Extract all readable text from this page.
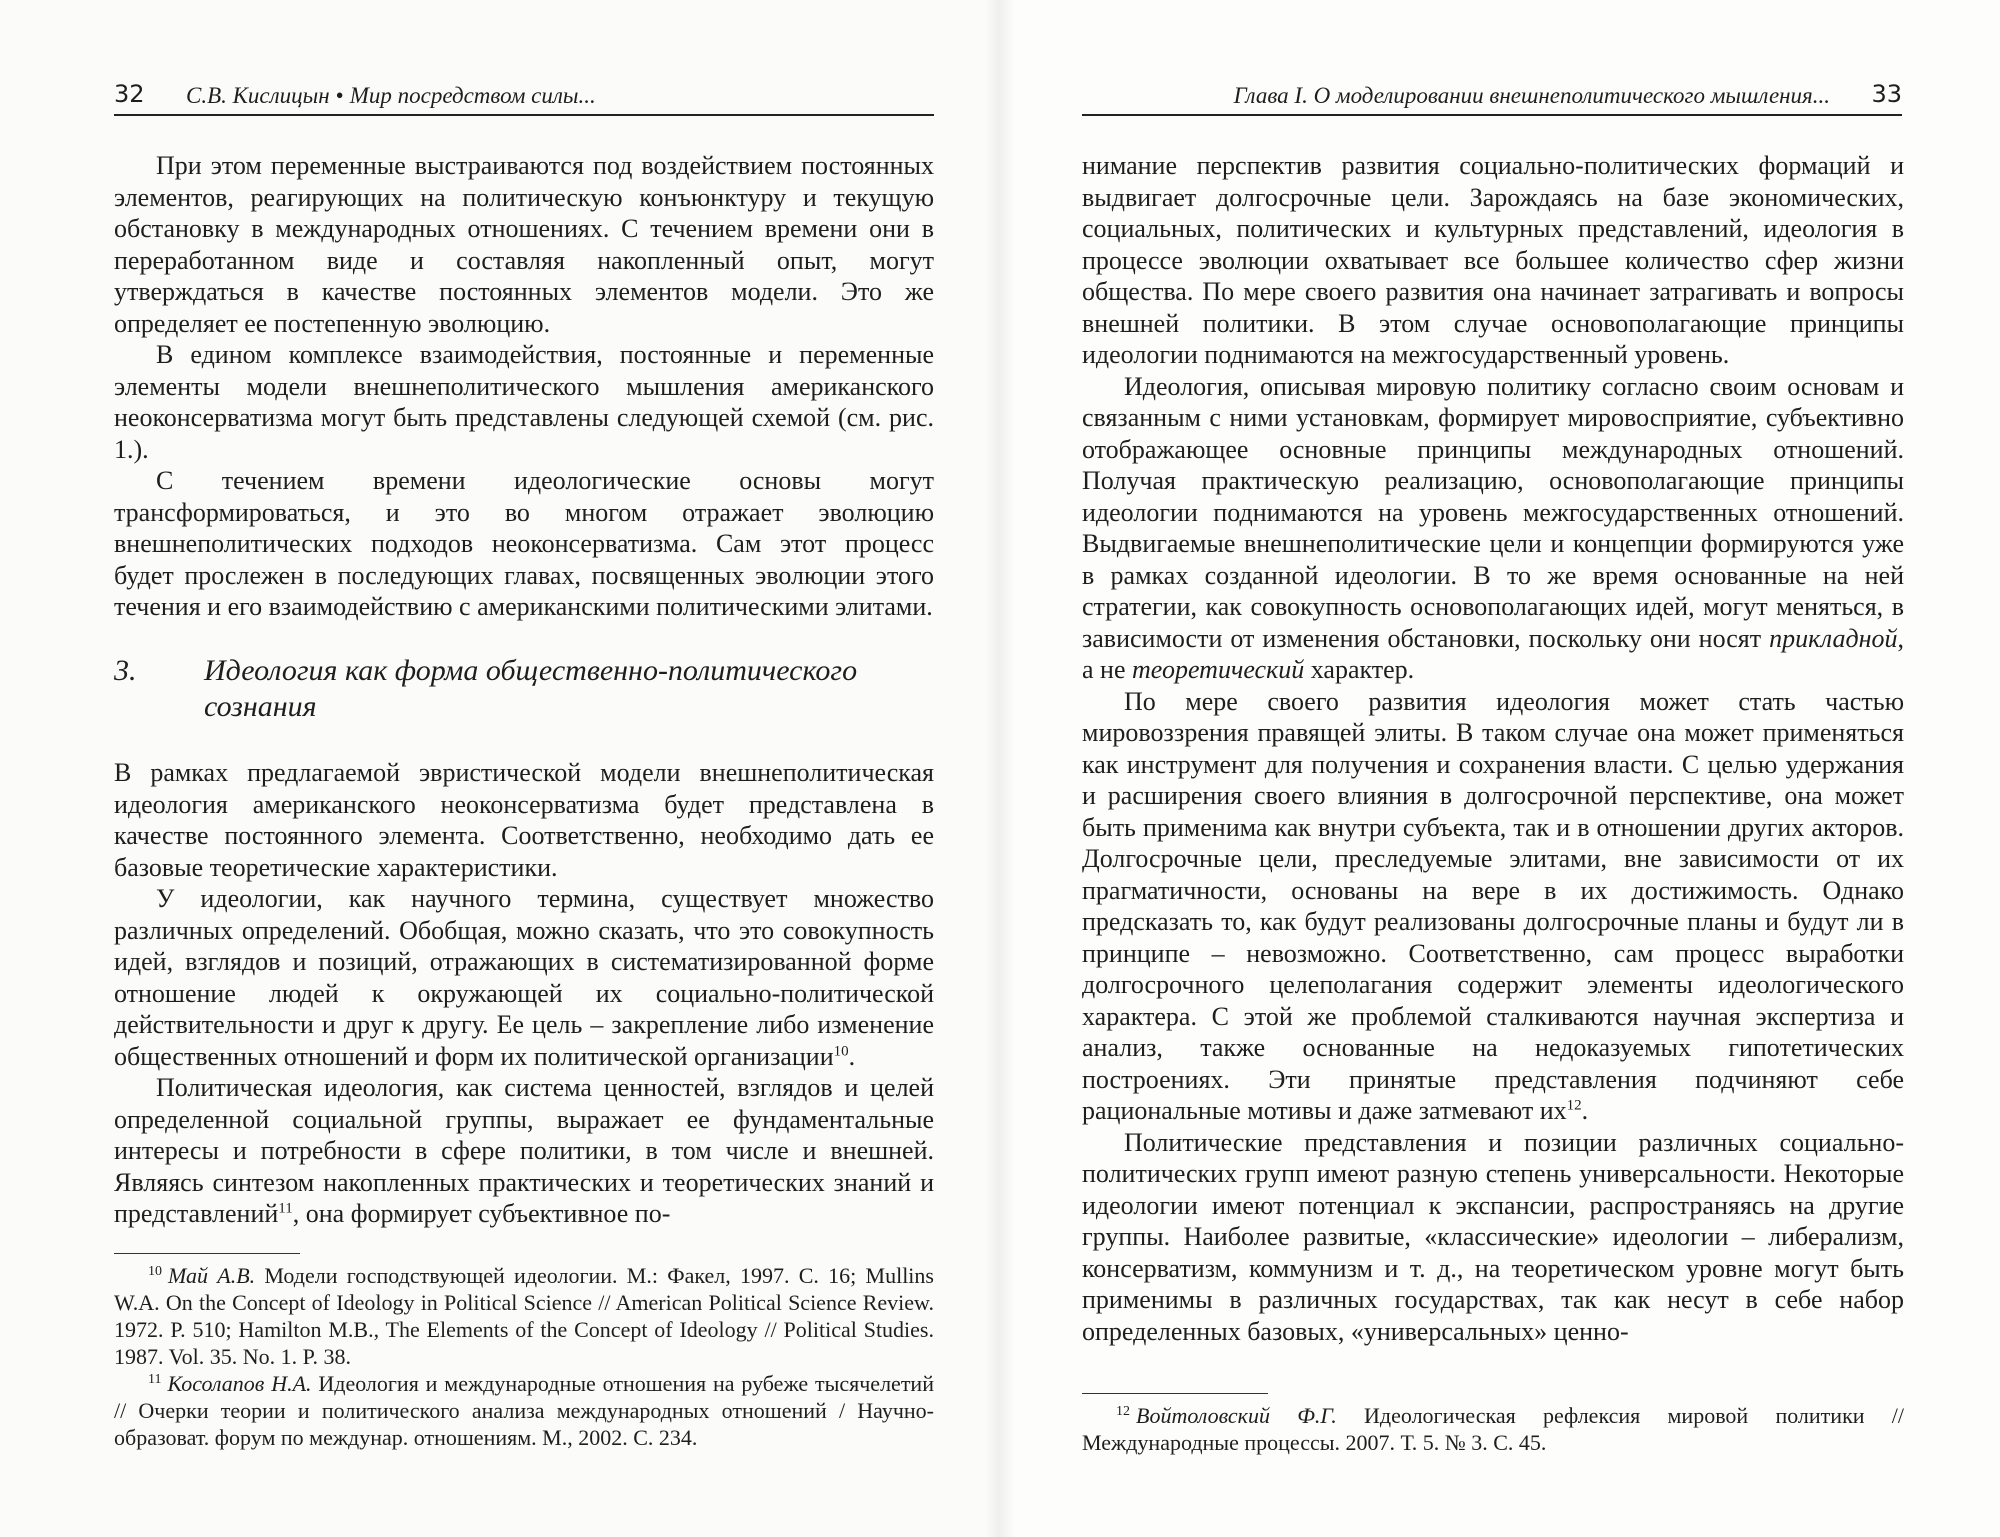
32 С.В. Кислицын • Мир посредством силы...

При этом переменные выстраиваются под воздействием постоянных элементов, реагирующих на политическую конъюнктуру и текущую обстановку в международных отношениях. С течением времени они в переработанном виде и составляя накопленный опыт, могут утверждаться в качестве постоянных элементов модели. Это же определяет ее постепенную эволюцию.

В едином комплексе взаимодействия, постоянные и переменные элементы модели внешнеполитического мышления американского неоконсерватизма могут быть представлены следующей схемой (см. рис. 1.).

С течением времени идеологические основы могут трансформироваться, и это во многом отражает эволюцию внешнеполитических подходов неоконсерватизма. Сам этот процесс будет прослежен в последующих главах, посвященных эволюции этого течения и его взаимодействию с американскими политическими элитами.

3. Идеология как форма общественно-политического сознания

В рамках предлагаемой эвристической модели внешнеполитическая идеология американского неоконсерватизма будет представлена в качестве постоянного элемента. Соответственно, необходимо дать ее базовые теоретические характеристики.

У идеологии, как научного термина, существует множество различных определений. Обобщая, можно сказать, что это совокупность идей, взглядов и позиций, отражающих в систематизированной форме отношение людей к окружающей их социально-политической действительности и друг к другу. Ее цель – закрепление либо изменение общественных отношений и форм их политической организации$^{10}$.

Политическая идеология, как система ценностей, взглядов и целей определенной социальной группы, выражает ее фундаментальные интересы и потребности в сфере политики, в том числе и внешней. Являясь синтезом накопленных практических и теоретических знаний и представлений$^{11}$, она формирует субъективное по-

$^{10}$ Май А.В. Модели господствующей идеологии. М.: Факел, 1997. С. 16; Mullins W.A. On the Concept of Ideology in Political Science // American Political Science Review. 1972. P. 510; Hamilton M.B., The Elements of the Concept of Ideology // Political Studies. 1987. Vol. 35. No. 1. P. 38.

$^{11}$ Косолапов Н.А. Идеология и международные отношения на рубеже тысячелетий // Очерки теории и политического анализа международных отношений / Научно-образоват. форум по междунар. отношениям. М., 2002. С. 234.

Глава I. О моделировании внешнеполитического мышления... 33

нимание перспектив развития социально-политических формаций и выдвигает долгосрочные цели. Зарождаясь на базе экономических, социальных, политических и культурных представлений, идеология в процессе эволюции охватывает все большее количество сфер жизни общества. По мере своего развития она начинает затрагивать и вопросы внешней политики. В этом случае основополагающие принципы идеологии поднимаются на межгосударственный уровень.

Идеология, описывая мировую политику согласно своим основам и связанным с ними установкам, формирует мировосприятие, субъективно отображающее основные принципы международных отношений. Получая практическую реализацию, основополагающие принципы идеологии поднимаются на уровень межгосударственных отношений. Выдвигаемые внешнеполитические цели и концепции формируются уже в рамках созданной идеологии. В то же время основанные на ней стратегии, как совокупность основополагающих идей, могут меняться, в зависимости от изменения обстановки, поскольку они носят прикладной, а не теоретический характер.

По мере своего развития идеология может стать частью мировоззрения правящей элиты. В таком случае она может применяться как инструмент для получения и сохранения власти. С целью удержания и расширения своего влияния в долгосрочной перспективе, она может быть применима как внутри субъекта, так и в отношении других акторов. Долгосрочные цели, преследуемые элитами, вне зависимости от их прагматичности, основаны на вере в их достижимость. Однако предсказать то, как будут реализованы долгосрочные планы и будут ли в принципе – невозможно. Соответственно, сам процесс выработки долгосрочного целеполагания содержит элементы идеологического характера. С этой же проблемой сталкиваются научная экспертиза и анализ, также основанные на недоказуемых гипотетических построениях. Эти принятые представления подчиняют себе рациональные мотивы и даже затмевают $их^{12}$.

Политические представления и позиции различных социально-политических групп имеют разную степень универсальности. Некоторые идеологии имеют потенциал к экспансии, распространяясь на другие группы. Наиболее развитые, «классические» идеологии – либерализм, консерватизм, коммунизм и т. д., на теоретическом уровне могут быть применимы в различных государствах, так как несут в себе набор определенных базовых, «универсальных» ценно-

$^{12}$ Войтоловский Ф.Г. Идеологическая рефлексия мировой политики // Международные процессы. 2007. Т. 5. № 3. С. 45.
